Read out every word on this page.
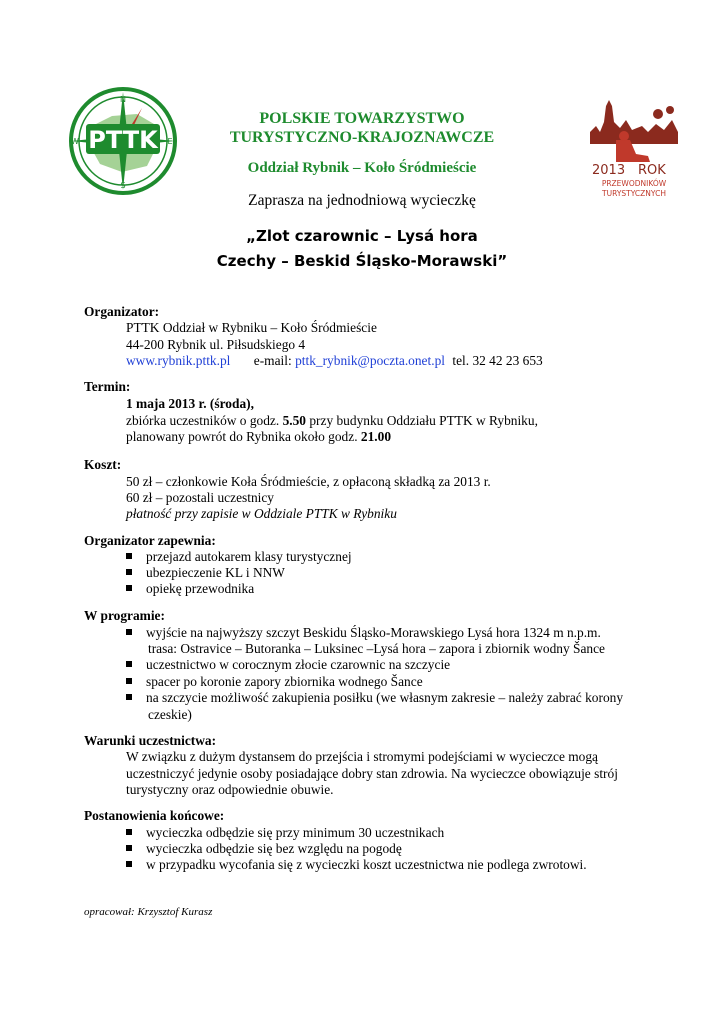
PTTK
N
S
E
W
2013 ROK
PRZEWODNIKÓW
TURYSTYCZNYCH
POLSKIE TOWARZYSTWO
TURYSTYCZNO-KRAJOZNAWCZE
Oddział Rybnik – Koło Śródmieście
Zaprasza na jednodniową wycieczkę
„Zlot czarownic – Lysá hora
Czechy – Beskid Śląsko-Morawski”
Organizator:
PTTK Oddział w Rybniku – Koło Śródmieście
44-200 Rybnik ul. Piłsudskiego 4
www.rybnik.pttk.pl e-mail: pttk_rybnik@poczta.onet.pl tel. 32 42 23 653
Termin:
1 maja 2013 r. (środa),
zbiórka uczestników o godz. 5.50 przy budynku Oddziału PTTK w Rybniku,
planowany powrót do Rybnika około godz. 21.00
Koszt:
50 zł – członkowie Koła Śródmieście, z opłaconą składką za 2013 r.
60 zł – pozostali uczestnicy
płatność przy zapisie w Oddziale PTTK w Rybniku
Organizator zapewnia:
przejazd autokarem klasy turystycznej
ubezpieczenie KL i NNW
opiekę przewodnika
W programie:
wyjście na najwyższy szczyt Beskidu Śląsko-Morawskiego Lysá hora 1324 m n.p.m.
trasa: Ostravice – Butoranka – Luksinec –Lysá hora – zapora i zbiornik wodny Šance
uczestnictwo w corocznym złocie czarownic na szczycie
spacer po koronie zapory zbiornika wodnego Šance
na szczycie możliwość zakupienia posiłku (we własnym zakresie – należy zabrać korony
czeskie)
Warunki uczestnictwa:
W związku z dużym dystansem do przejścia i stromymi podejściami w wycieczce mogą
uczestniczyć jedynie osoby posiadające dobry stan zdrowia. Na wycieczce obowiązuje strój
turystyczny oraz odpowiednie obuwie.
Postanowienia końcowe:
wycieczka odbędzie się przy minimum 30 uczestnikach
wycieczka odbędzie się bez względu na pogodę
w przypadku wycofania się z wycieczki koszt uczestnictwa nie podlega zwrotowi.
opracował: Krzysztof Kurasz
